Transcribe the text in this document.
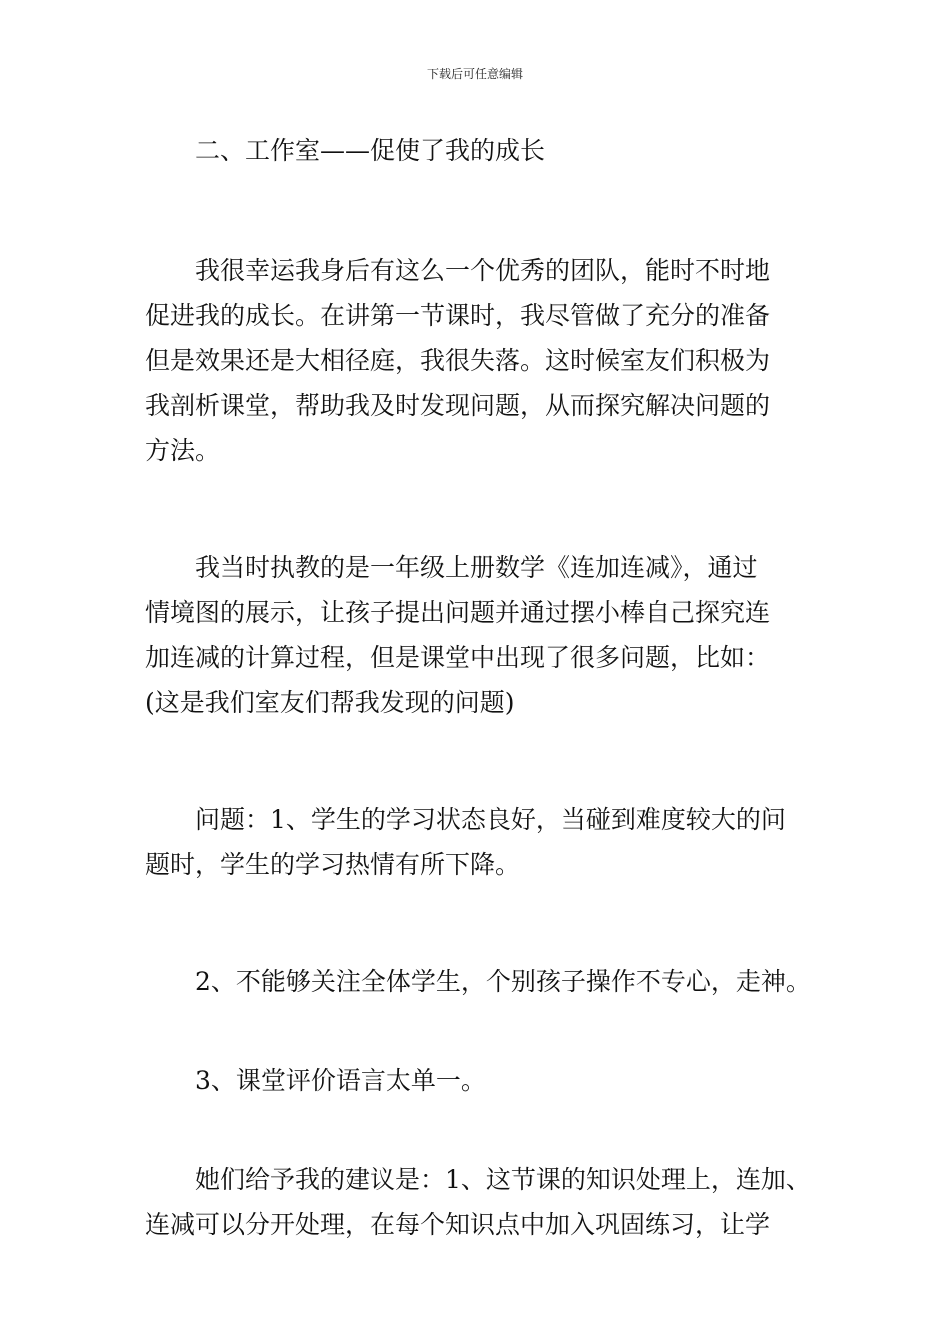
下载后可任意编辑

二、工作室——促使了我的成长

我很幸运我身后有这么一个优秀的团队，能时不时地
促进我的成长。在讲第一节课时，我尽管做了充分的准备
但是效果还是大相径庭，我很失落。这时候室友们积极为
我剖析课堂，帮助我及时发现问题，从而探究解决问题的
方法。

我当时执教的是一年级上册数学《连加连减》，通过
情境图的展示，让孩子提出问题并通过摆小棒自己探究连
加连减的计算过程，但是课堂中出现了很多问题，比如：
(这是我们室友们帮我发现的问题)

问题：1、学生的学习状态良好，当碰到难度较大的问
题时，学生的学习热情有所下降。

2、不能够关注全体学生，个别孩子操作不专心，走神。

3、课堂评价语言太单一。

她们给予我的建议是：1、这节课的知识处理上，连加、
连减可以分开处理，在每个知识点中加入巩固练习，让学
